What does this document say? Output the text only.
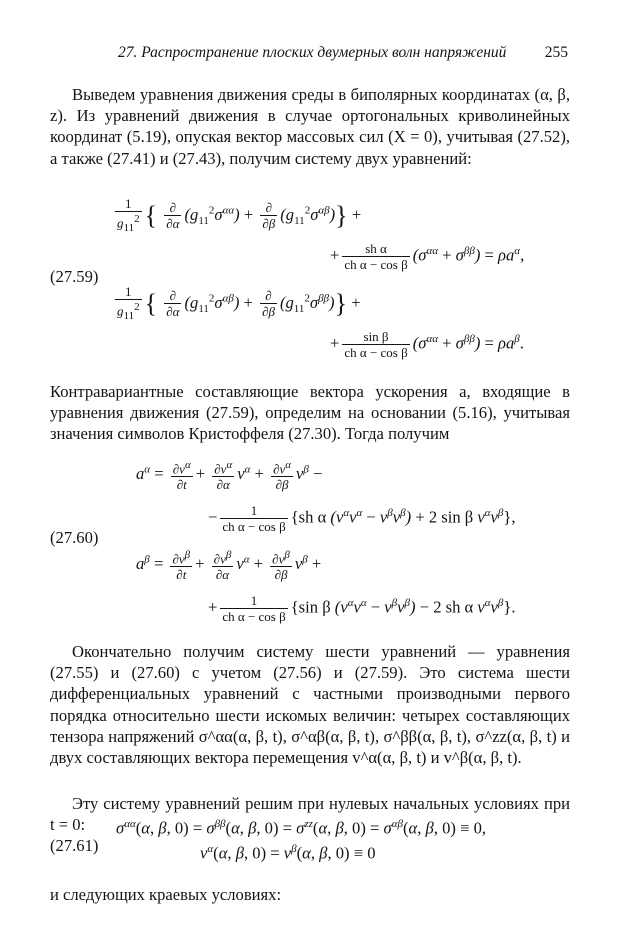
27. Распространение плоских двумерных волн напряжений 255
Выведем уравнения движения среды в биполярных координатах (α, β, z). Из уравнений движения в случае ортогональных криволинейных координат (5.19), опуская вектор массовых сил (X = 0), учитывая (27.52), а также (27.41) и (27.43), получим систему двух уравнений:
(27.59)
$\frac{1}{g_{11}^2}$ { $\frac{\partial}{\partial\alpha} (g_{11}^2\sigma^{\alpha\alpha}) + \frac{\partial}{\partial\beta} (g_{11}^2\sigma^{\alpha\beta})$} +
+ $\frac{\text{sh α}}{\text{ch α − cos β}} (\sigma^{\alpha\alpha} + \sigma^{\beta\beta}) = \rho a^\alpha$,
$\frac{1}{g_{11}^2}$ { $\frac{\partial}{\partial\alpha} (g_{11}^2\sigma^{\alpha\beta}) + \frac{\partial}{\partial\beta} (g_{11}^2\sigma^{\beta\beta})$} +
+ $\frac{\text{sin β}}{\text{ch α − cos β}} (\sigma^{\alpha\alpha} + \sigma^{\beta\beta}) = \rho a^\beta$.
Контравариантные составляющие вектора ускорения a, входящие в уравнения движения (27.59), определим на основании (5.16), учитывая значения символов Кристоффеля (27.30). Тогда получим
(27.60)
$a^\alpha = \frac{\partial v^\alpha}{\partial t} + \frac{\partial v^\alpha}{\partial\alpha} v^\alpha + \frac{\partial v^\alpha}{\partial\beta} v^\beta$ −
− $\frac{1}{\text{ch α − cos β}} \{sh$ α $(v^\alpha v^\alpha - v^\beta v^\beta) + 2$ sin β $v^\alpha v^\beta$},
$a^\beta = \frac{\partial v^\beta}{\partial t} + \frac{\partial v^\beta}{\partial\alpha} v^\alpha + \frac{\partial v^\beta}{\partial\beta} v^\beta$ +
+ $\frac{1}{\text{ch α − cos β}} \{\sin$ β $(v^\alpha v^\alpha - v^\beta v^\beta) - 2$ sh α $v^\alpha v^\beta$}.
Окончательно получим систему шести уравнений — уравнения (27.55) и (27.60) с учетом (27.56) и (27.59). Это система шести дифференциальных уравнений с частными производными первого порядка относительно шести искомых величин: четырех составляющих тензора напряжений σ^αα(α, β, t), σ^αβ(α, β, t), σ^ββ(α, β, t), σ^zz(α, β, t) и двух составляющих вектора перемещения v^α(α, β, t) и v^β(α, β, t).
Эту систему уравнений решим при нулевых начальных условиях при t = 0:
(27.61)
$\sigma^{\alpha\alpha}(\alpha$, β, $0) = \sigma^{\beta\beta}(\alpha$, β, $0) = \sigma^{zz}(\alpha$, β, $0) = \sigma^{\alpha\beta}(\alpha$, β, 0) ≡ 0,
$v^\alpha(\alpha$, β, $0) = v^\beta(\alpha$, β, 0) ≡ 0
и следующих краевых условиях:
